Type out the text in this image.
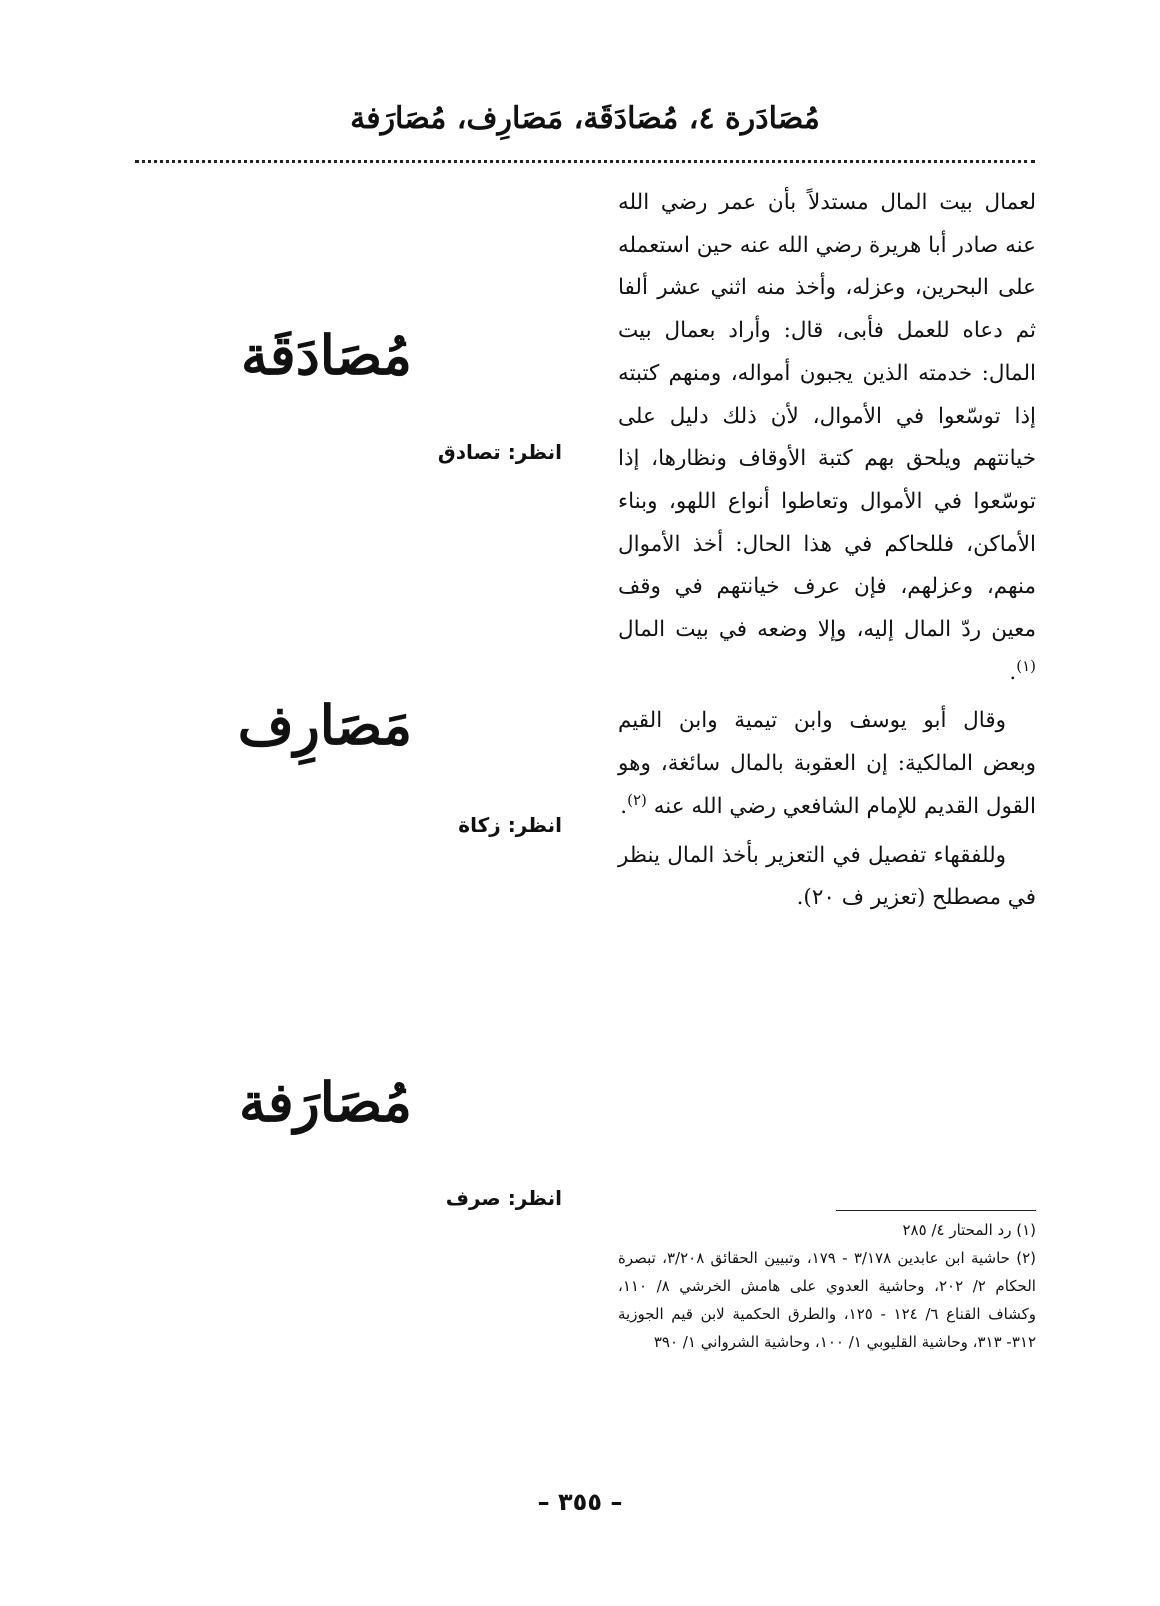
مُصَادَرة ٤، مُصَادَقَة، مَصَارِف، مُصَارَفة

لعمال بيت المال مستدلاً بأن عمر رضي الله عنه صادر أبا هريرة رضي الله عنه حين استعمله على البحرين، وعزله، وأخذ منه اثني عشر ألفا ثم دعاه للعمل فأبى، قال: وأراد بعمال بيت المال: خدمته الذين يجبون أمواله، ومنهم كتبته إذا توسّعوا في الأموال، لأن ذلك دليل على خيانتهم ويلحق بهم كتبة الأوقاف ونظارها، إذا توسّعوا في الأموال وتعاطوا أنواع اللهو، وبناء الأماكن، فللحاكم في هذا الحال: أخذ الأموال منهم، وعزلهم، فإن عرف خيانتهم في وقف معين ردّ المال إليه، وإلا وضعه في بيت المال $^{(١)}$.

وقال أبو يوسف وابن تيمية وابن القيم وبعض المالكية: إن العقوبة بالمال سائغة، وهو القول القديم للإمام الشافعي رضي الله عنه $^{(٢)}$.

وللفقهاء تفصيل في التعزير بأخذ المال ينظر في مصطلح (تعزير ف ٢٠).

مُصَادَقَة
انظر: تصادق
مَصَارِف
انظر: زكاة
مُصَارَفة
انظر: صرف

(١) رد المحتار ٤/ ٢٨٥

(٢) حاشية ابن عابدين ٣/١٧٨ - ١٧٩، وتبيين الحقائق ٣/٢٠٨، تبصرة الحكام ٢/ ٢٠٢، وحاشية العدوي على هامش الخرشي ٨/ ١١٠، وكشاف القناع ٦/ ١٢٤ - ١٢٥، والطرق الحكمية لابن قيم الجوزية ٣١٢- ٣١٣، وحاشية القليوبي ١/ ١٠٠، وحاشية الشرواني ١/ ٣٩٠

– ٣٥٥ –
